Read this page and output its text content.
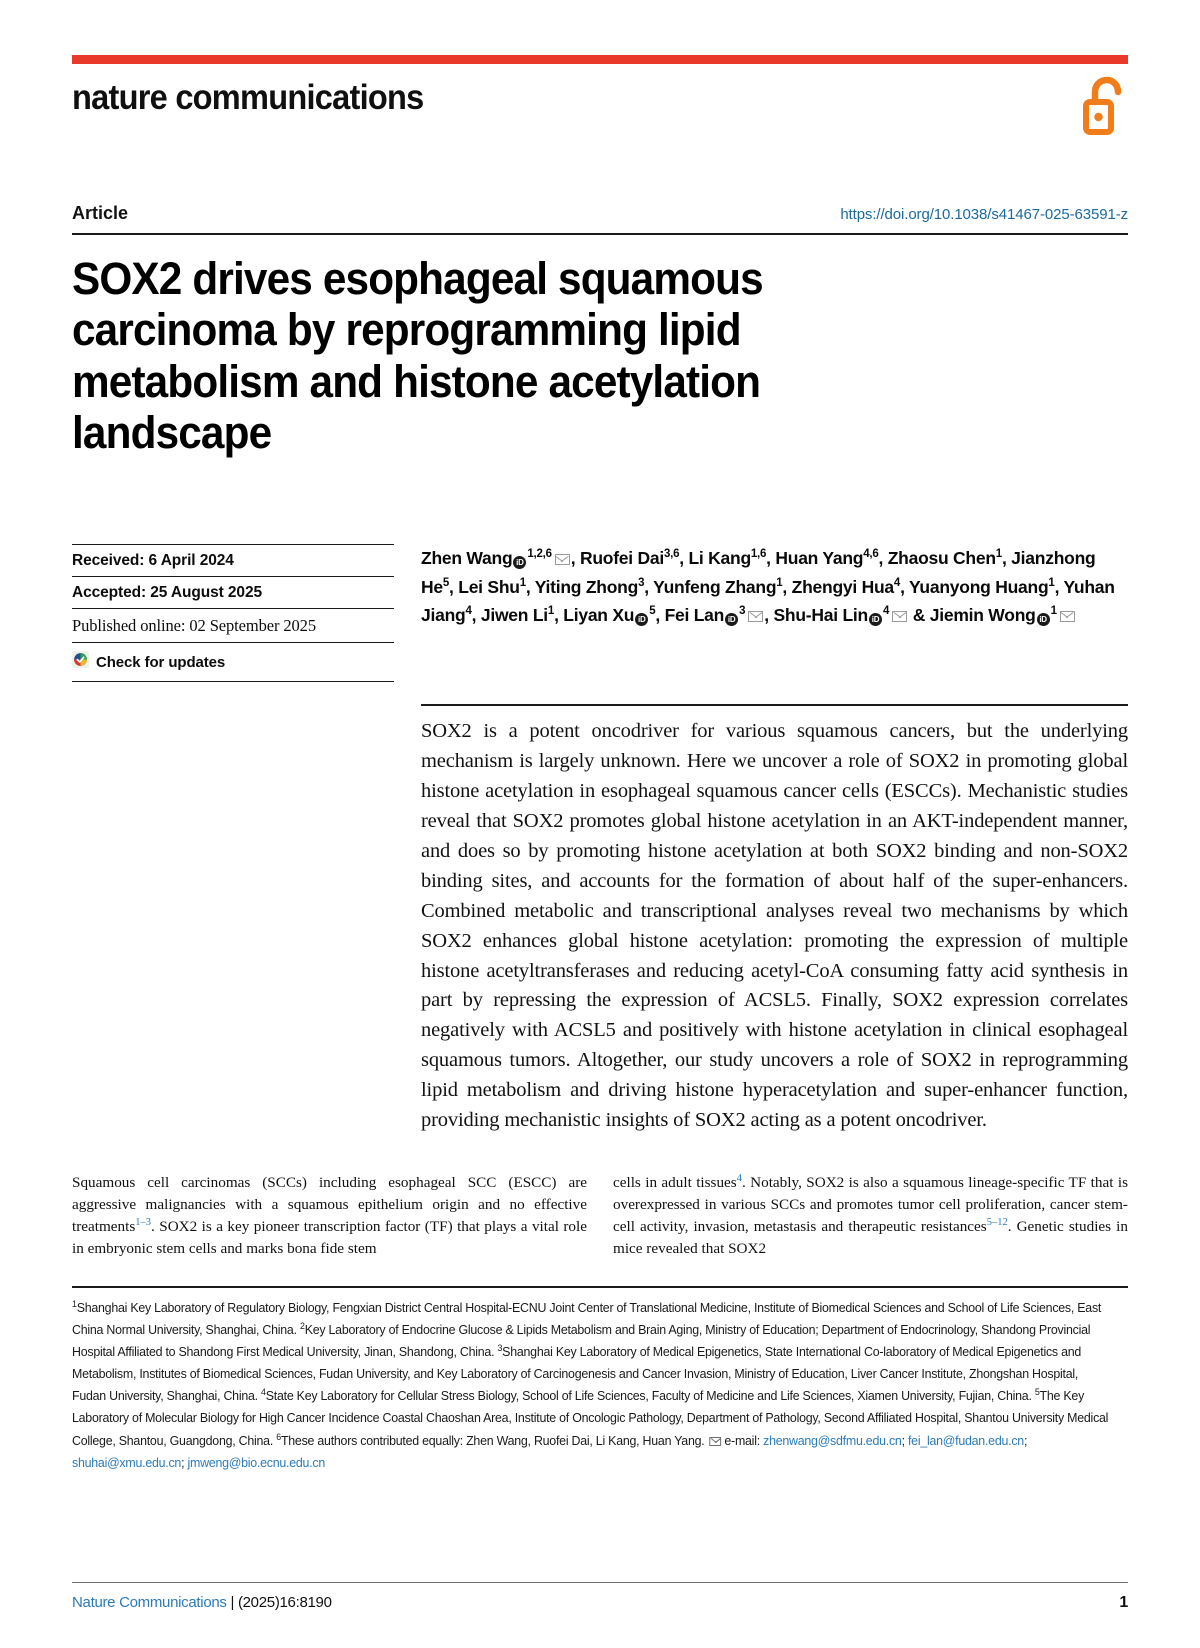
nature communications
Article	https://doi.org/10.1038/s41467-025-63591-z
SOX2 drives esophageal squamous carcinoma by reprogramming lipid metabolism and histone acetylation landscape
Received: 6 April 2024
Accepted: 25 August 2025
Published online: 02 September 2025
Check for updates
Zhen Wang iD$^{1,2,6}$ , Ruofei Dai$^{3,6}$, Li Kang$^{1,6}$, Huan Yang$^{4,6}$, Zhaosu Chen$^1$, Jianzhong He$^5$, Lei Shu$^1$, Yiting Zhong$^3$, Yunfeng Zhang$^1$, Zhengyi Hua$^4$, Yuanyong Huang$^1$, Yuhan Jiang$^4$, Jiwen Li$^1$, Liyan Xu $iD^5$, Fei Lan $iD^3$ , Shu-Hai Lin $iD^4$ & Jiemin Wong $iD^1$

SOX2 is a potent oncodriver for various squamous cancers, but the underlying mechanism is largely unknown. Here we uncover a role of SOX2 in promoting global histone acetylation in esophageal squamous cancer cells (ESCCs). Mechanistic studies reveal that SOX2 promotes global histone acetylation in an AKT-independent manner, and does so by promoting histone acetylation at both SOX2 binding and non-SOX2 binding sites, and accounts for the formation of about half of the super-enhancers. Combined metabolic and transcriptional analyses reveal two mechanisms by which SOX2 enhances global histone acetylation: promoting the expression of multiple histone acetyltransferases and reducing acetyl-CoA consuming fatty acid synthesis in part by repressing the expression of ACSL5. Finally, SOX2 expression correlates negatively with ACSL5 and positively with histone acetylation in clinical esophageal squamous tumors. Altogether, our study uncovers a role of SOX2 in reprogramming lipid metabolism and driving histone hyperacetylation and super-enhancer function, providing mechanistic insights of SOX2 acting as a potent oncodriver.

Squamous cell carcinomas (SCCs) including esophageal SCC (ESCC) are aggressive malignancies with a squamous epithelium origin and no effective treatments$^{1-3}$. SOX2 is a key pioneer transcription factor (TF) that plays a vital role in embryonic stem cells and marks bona fide stem

cells in adult tissues$^4$. Notably, SOX2 is also a squamous lineage-specific TF that is overexpressed in various SCCs and promotes tumor cell proliferation, cancer stem-cell activity, invasion, metastasis and therapeutic resistances$^{5-12}$. Genetic studies in mice revealed that SOX2

$^1$Shanghai Key Laboratory of Regulatory Biology, Fengxian District Central Hospital-ECNU Joint Center of Translational Medicine, Institute of Biomedical Sciences and School of Life Sciences, East China Normal University, Shanghai, China. $^2$Key Laboratory of Endocrine Glucose & Lipids Metabolism and Brain Aging, Ministry of Education; Department of Endocrinology, Shandong Provincial Hospital Affiliated to Shandong First Medical University, Jinan, Shandong, China. $^3$Shanghai Key Laboratory of Medical Epigenetics, State International Co-laboratory of Medical Epigenetics and Metabolism, Institutes of Biomedical Sciences, Fudan University, and Key Laboratory of Carcinogenesis and Cancer Invasion, Ministry of Education, Liver Cancer Institute, Zhongshan Hospital, Fudan University, Shanghai, China. $^4$State Key Laboratory for Cellular Stress Biology, School of Life Sciences, Faculty of Medicine and Life Sciences, Xiamen University, Fujian, China. $^5$The Key Laboratory of Molecular Biology for High Cancer Incidence Coastal Chaoshan Area, Institute of Oncologic Pathology, Department of Pathology, Second Affiliated Hospital, Shantou University Medical College, Shantou, Guangdong, China. $^6$These authors contributed equally: Zhen Wang, Ruofei Dai, Li Kang, Huan Yang. e-mail: zhenwang@sdfmu.edu.cn; fei_lan@fudan.edu.cn; shuhai@xmu.edu.cn; jmweng@bio.ecnu.edu.cn
Nature Communications | (2025)16:8190	1
